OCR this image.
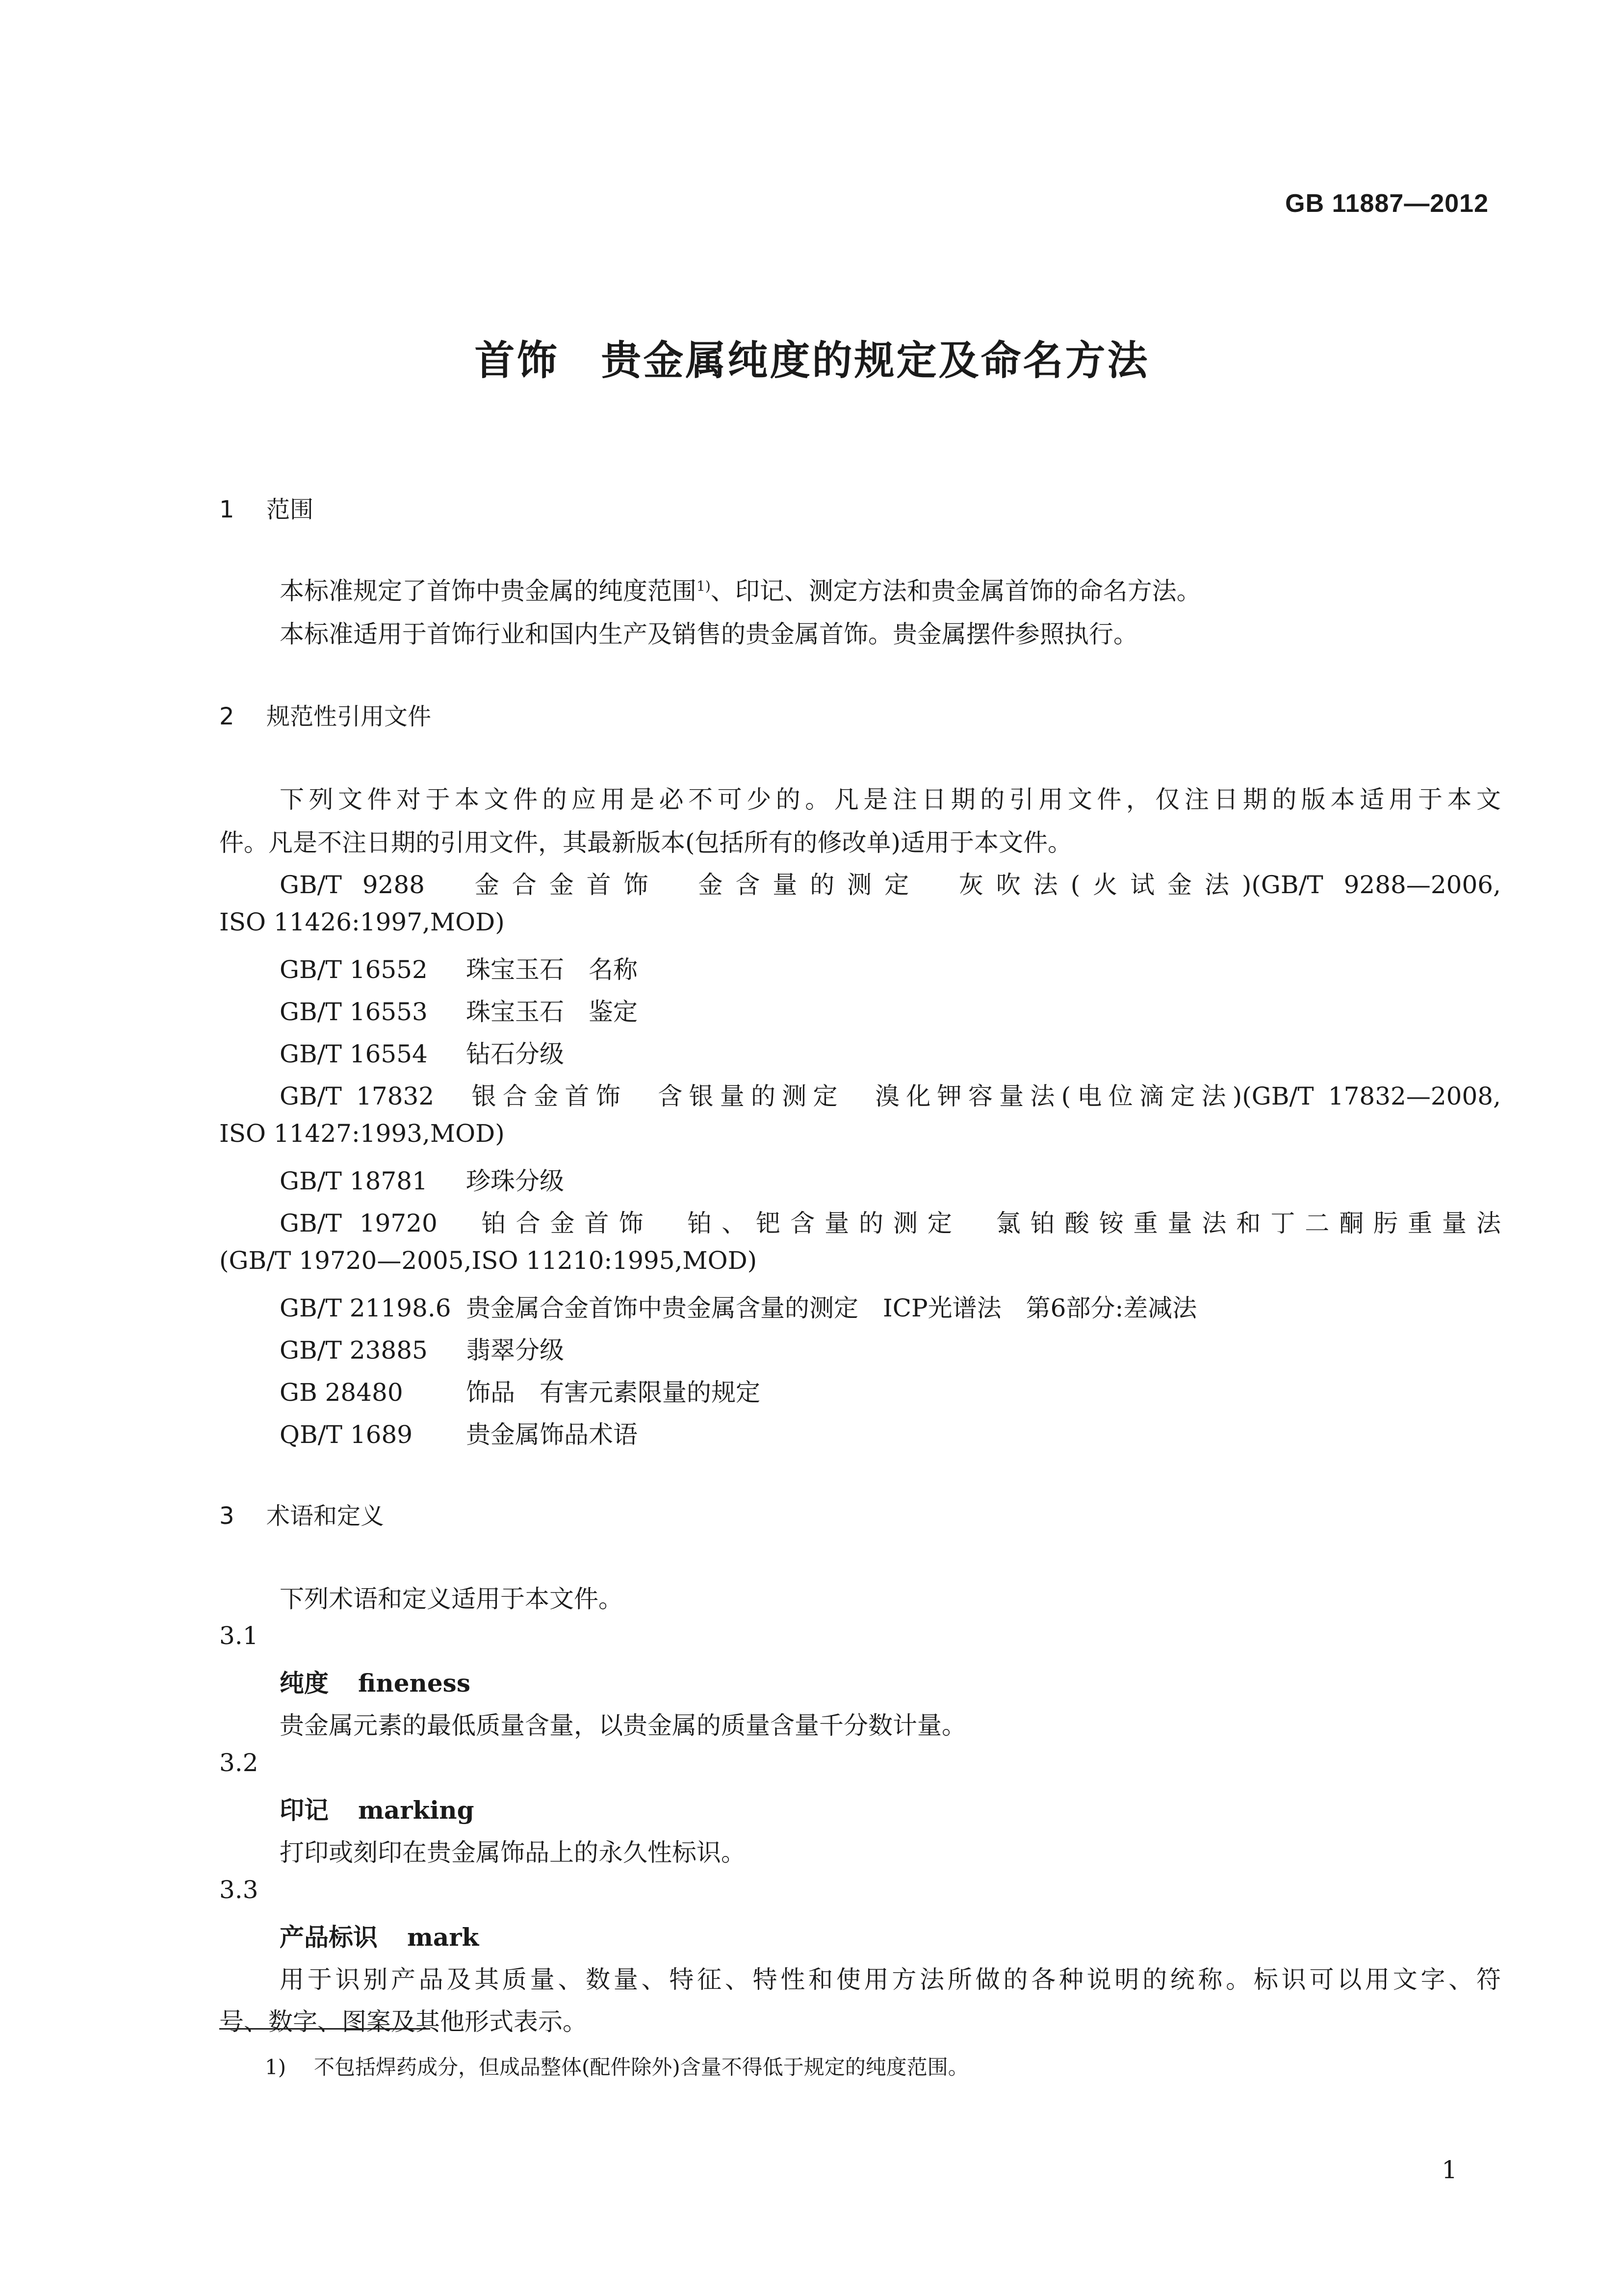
GB 11887—2012
首饰　贵金属纯度的规定及命名方法
1 范围
本标准规定了首饰中贵金属的纯度范围$^{1)}$、印记、测定方法和贵金属首饰的命名方法。
本标准适用于首饰行业和国内生产及销售的贵金属首饰。贵金属摆件参照执行。
2 规范性引用文件
下列文件对于本文件的应用是必不可少的。凡是注日期的引用文件，仅注日期的版本适用于本文
件。凡是不注日期的引用文件，其最新版本(包括所有的修改单)适用于本文件。
GB/T 9288　 金合金首饰　金含量的测定　灰吹法(火试金法)(GB/T 9288—2006,
ISO 11426:1997,MOD)
GB/T 16552 珠宝玉石　名称
GB/T 16553 珠宝玉石　鉴定
GB/T 16554 钻石分级
GB/T 17832　 银合金首饰　含银量的测定　溴化钾容量法(电位滴定法)(GB/T 17832—2008,
ISO 11427:1993,MOD)
GB/T 18781 珍珠分级
GB/T 19720　 铂合金首饰　铂、钯含量的测定　氯铂酸铵重量法和丁二酮肟重量法
(GB/T 19720—2005,ISO 11210:1995,MOD)
GB/T 21198.6 贵金属合金首饰中贵金属含量的测定　ICP光谱法　第6部分:差减法
GB/T 23885 翡翠分级
GB 28480	饰品　有害元素限量的规定
QB/T 1689 贵金属饰品术语
3 术语和定义
下列术语和定义适用于本文件。
3.1
纯度 fineness
贵金属元素的最低质量含量，以贵金属的质量含量千分数计量。
3.2
印记 marking
打印或刻印在贵金属饰品上的永久性标识。
3.3
产品标识 mark
用于识别产品及其质量、数量、特征、特性和使用方法所做的各种说明的统称。标识可以用文字、符
号、数字、图案及其他形式表示。
1) 不包括焊药成分，但成品整体(配件除外)含量不得低于规定的纯度范围。
1
